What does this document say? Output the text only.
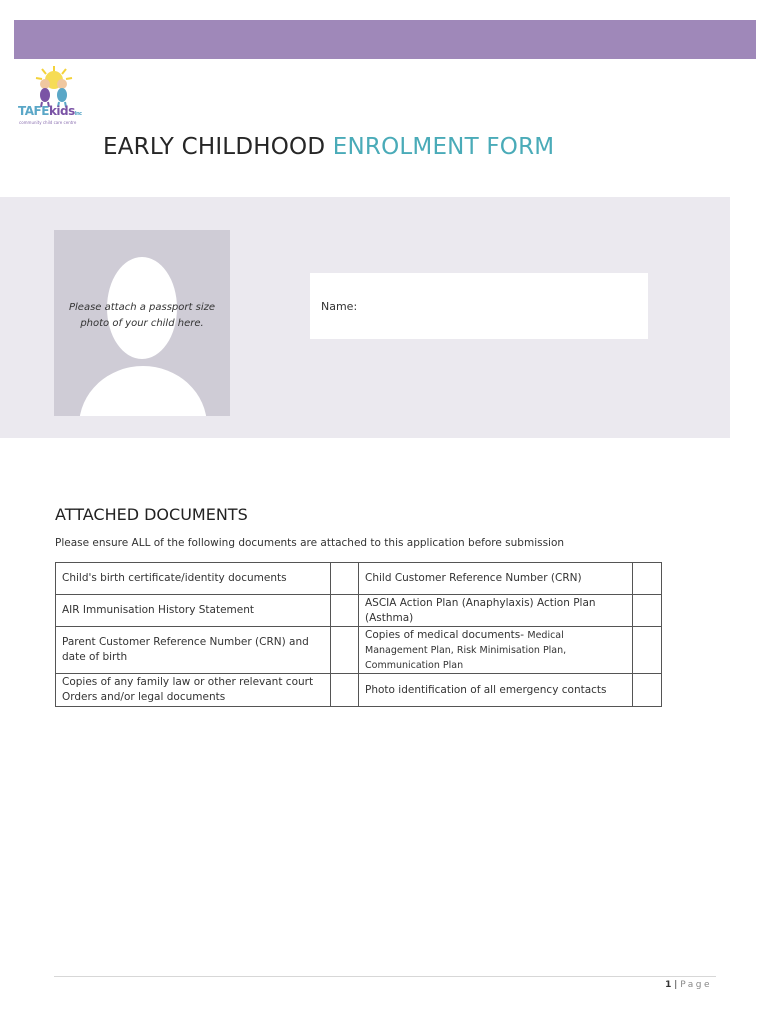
TAFEkidsInc
community child care centre
EARLY CHILDHOOD ENROLMENT FORM
Please attach a passport size
photo of your child here.
Name:
ATTACHED DOCUMENTS
Please ensure ALL of the following documents are attached to this application before submission
Child's birth certificate/identity documents		Child Customer Reference Number (CRN)	
AIR Immunisation History Statement		ASCIA Action Plan (Anaphylaxis) Action Plan (Asthma)	
Parent Customer Reference Number (CRN) and date of birth		Copies of medical documents- Medical Management Plan, Risk Minimisation Plan, Communication Plan	
Copies of any family law or other relevant court Orders and/or legal documents		Photo identification of all emergency contacts	
1 | Page
